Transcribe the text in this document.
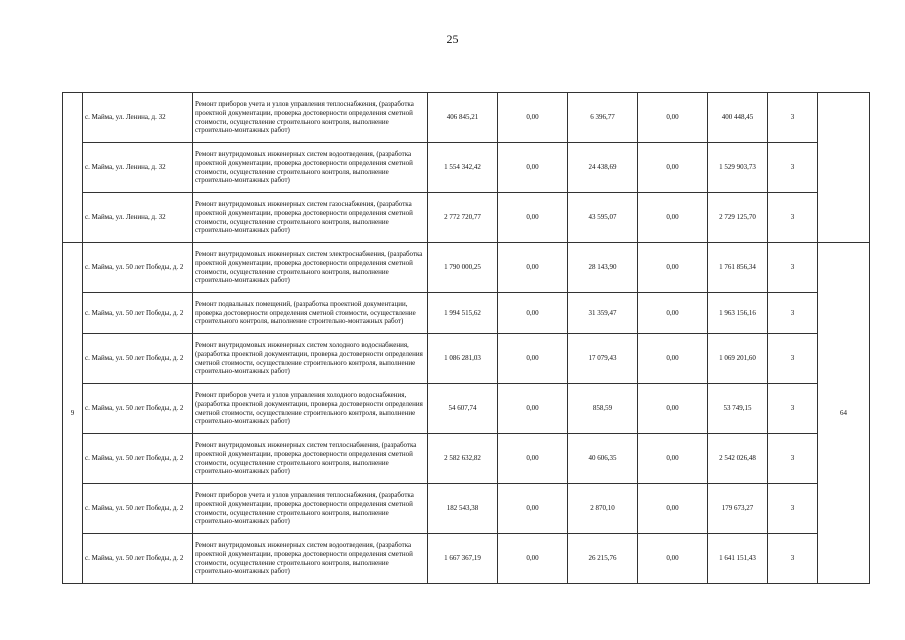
25
	с. Майма, ул. Ленина, д. 32	Ремонт приборов учета и узлов управления теплоснабжения, (разработка проектной документации, проверка достоверности определения сметной стоимости, осуществление строительного контроля, выполнение строительно-монтажных работ)	406 845,21	0,00	6 396,77	0,00	400 448,45	3	
	с. Майма, ул. Ленина, д. 32	Ремонт внутридомовых инженерных систем водоотведения, (разработка проектной документации, проверка достоверности определения сметной стоимости, осуществление строительного контроля, выполнение строительно-монтажных работ)	1 554 342,42	0,00	24 438,69	0,00	1 529 903,73	3	
	с. Майма, ул. Ленина, д. 32	Ремонт внутридомовых инженерных систем газоснабжения, (разработка проектной документации, проверка достоверности определения сметной стоимости, осуществление строительного контроля, выполнение строительно-монтажных работ)	2 772 720,77	0,00	43 595,07	0,00	2 729 125,70	3	
9	с. Майма, ул. 50 лет Победы, д. 2	Ремонт внутридомовых инженерных систем электроснабжения, (разработка проектной документации, проверка достоверности определения сметной стоимости, осуществление строительного контроля, выполнение строительно-монтажных работ)	1 790 000,25	0,00	28 143,90	0,00	1 761 856,34	3	64
	с. Майма, ул. 50 лет Победы, д. 2	Ремонт подвальных помещений, (разработка проектной документации, проверка достоверности определения сметной стоимости, осуществление строительного контроля, выполнение строительно-монтажных работ)	1 994 515,62	0,00	31 359,47	0,00	1 963 156,16	3	
	с. Майма, ул. 50 лет Победы, д. 2	Ремонт внутридомовых инженерных систем холодного водоснабжения, (разработка проектной документации, проверка достоверности определения сметной стоимости, осуществление строительного контроля, выполнение строительно-монтажных работ)	1 086 281,03	0,00	17 079,43	0,00	1 069 201,60	3	
	с. Майма, ул. 50 лет Победы, д. 2	Ремонт приборов учета и узлов управления холодного водоснабжения, (разработка проектной документации, проверка достоверности определения сметной стоимости, осуществление строительного контроля, выполнение строительно-монтажных работ)	54 607,74	0,00	858,59	0,00	53 749,15	3	
	с. Майма, ул. 50 лет Победы, д. 2	Ремонт внутридомовых инженерных систем теплоснабжения, (разработка проектной документации, проверка достоверности определения сметной стоимости, осуществление строительного контроля, выполнение строительно-монтажных работ)	2 582 632,82	0,00	40 606,35	0,00	2 542 026,48	3	
	с. Майма, ул. 50 лет Победы, д. 2	Ремонт приборов учета и узлов управления теплоснабжения, (разработка проектной документации, проверка достоверности определения сметной стоимости, осуществление строительного контроля, выполнение строительно-монтажных работ)	182 543,38	0,00	2 870,10	0,00	179 673,27	3	
	с. Майма, ул. 50 лет Победы, д. 2	Ремонт внутридомовых инженерных систем водоотведения, (разработка проектной документации, проверка достоверности определения сметной стоимости, осуществление строительного контроля, выполнение строительно-монтажных работ)	1 667 367,19	0,00	26 215,76	0,00	1 641 151,43	3	
